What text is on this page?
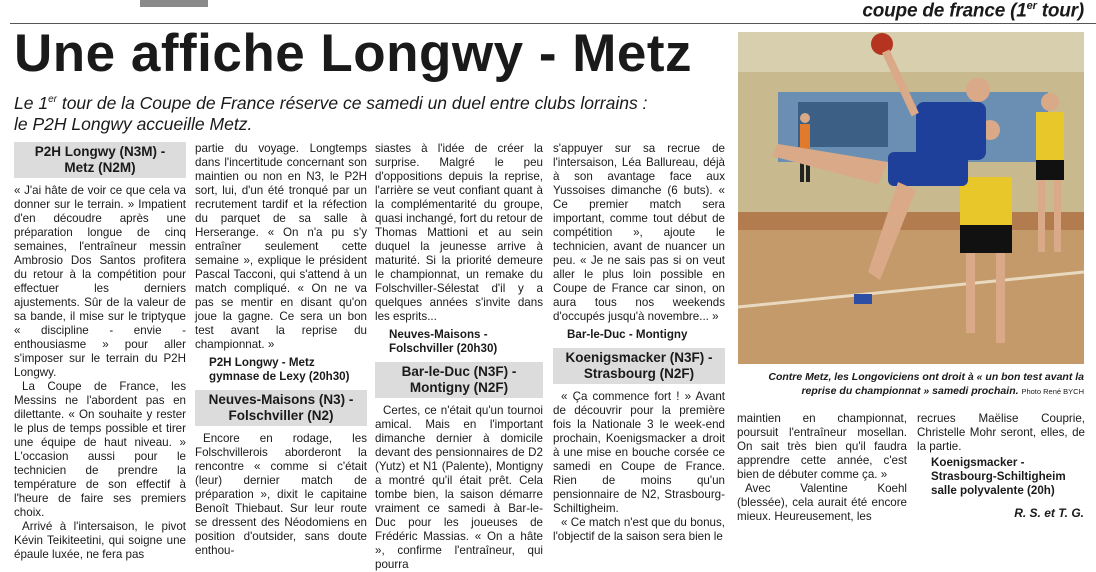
coupe de france (1er tour)
Une affiche Longwy - Metz
Le 1er tour de la Coupe de France réserve ce samedi un duel entre clubs lorrains :
le P2H Longwy accueille Metz.
Contre Metz, les Longoviciens ont droit à « un bon test avant la reprise du championnat » samedi prochain. Photo René BYCH
P2H Longwy (N3M) -
Metz (N2M)

« J'ai hâte de voir ce que cela va donner sur le terrain. » Impatient d'en découdre après une préparation longue de cinq semaines, l'entraîneur messin Ambrosio Dos Santos profitera du retour à la compétition pour effectuer les derniers ajustements. Sûr de la valeur de sa bande, il mise sur le triptyque « discipline - envie - enthousiasme » pour aller s'imposer sur le terrain du P2H Longwy.

La Coupe de France, les Messins ne l'abordent pas en dilettante. « On souhaite y rester le plus de temps possible et tirer une équipe de haut niveau. » L'occasion aussi pour le technicien de prendre la température de son effectif à l'heure de faire ses premiers choix.

Arrivé à l'intersaison, le pivot Kévin Teikiteetini, qui soigne une épaule luxée, ne fera pas

partie du voyage. Longtemps dans l'incertitude concernant son maintien ou non en N3, le P2H sort, lui, d'un été tronqué par un recrutement tardif et la réfection du parquet de sa salle à Herserange. « On n'a pu s'y entraîner seulement cette semaine », explique le président Pascal Tacconi, qui s'attend à un match compliqué. « On ne va pas se mentir en disant qu'on joue la gagne. Ce sera un bon test avant la reprise du championnat. »

P2H Longwy - Metz
gymnase de Lexy (20h30)
Neuves-Maisons (N3) -
Folschviller (N2)

Encore en rodage, les Folschvillerois aborderont la rencontre « comme si c'était (leur) dernier match de préparation », dixit le capitaine Benoît Thiebaut. Sur leur route se dressent des Néodomiens en position d'outsider, sans doute enthou-

siastes à l'idée de créer la surprise. Malgré le peu d'oppositions depuis la reprise, l'arrière se veut confiant quant à la complémentarité du groupe, quasi inchangé, fort du retour de Thomas Mattioni et au sein duquel la jeunesse arrive à maturité. Si la priorité demeure le championnat, un remake du Folschviller-Sélestat d'il y a quelques années s'invite dans les esprits...

Neuves-Maisons -
Folschviller (20h30)
Bar-le-Duc (N3F) -
Montigny (N2F)

Certes, ce n'était qu'un tournoi amical. Mais en l'important dimanche dernier à domicile devant des pensionnaires de D2 (Yutz) et N1 (Palente), Montigny a montré qu'il était prêt. Cela tombe bien, la saison démarre vraiment ce samedi à Bar-le-Duc pour les joueuses de Frédéric Massias. « On a hâte », confirme l'entraîneur, qui pourra

s'appuyer sur sa recrue de l'intersaison, Léa Ballureau, déjà à son avantage face aux Yussoises dimanche (6 buts). « Ce premier match sera important, comme tout début de compétition », ajoute le technicien, avant de nuancer un peu. « Je ne sais pas si on veut aller le plus loin possible en Coupe de France car sinon, on aura tous nos weekends d'occupés jusqu'à novembre... »

Bar-le-Duc - Montigny
Koenigsmacker (N3F) -
Strasbourg (N2F)

« Ça commence fort ! » Avant de découvrir pour la première fois la Nationale 3 le week-end prochain, Koenigsmacker a droit à une mise en bouche corsée ce samedi en Coupe de France. Rien de moins qu'un pensionnaire de N2, Strasbourg-Schiltigheim.

« Ce match n'est que du bonus, l'objectif de la saison sera bien le

maintien en championnat, poursuit l'entraîneur mosellan. On sait très bien qu'il faudra apprendre cette année, c'est bien de débuter comme ça. »

Avec Valentine Koehl (blessée), cela aurait été encore mieux. Heureusement, les

recrues Maëlise Couprie, Christelle Mohr seront, elles, de la partie.

Koenigsmacker -
Strasbourg-Schiltigheim
salle polyvalente (20h)
R. S. et T. G.
